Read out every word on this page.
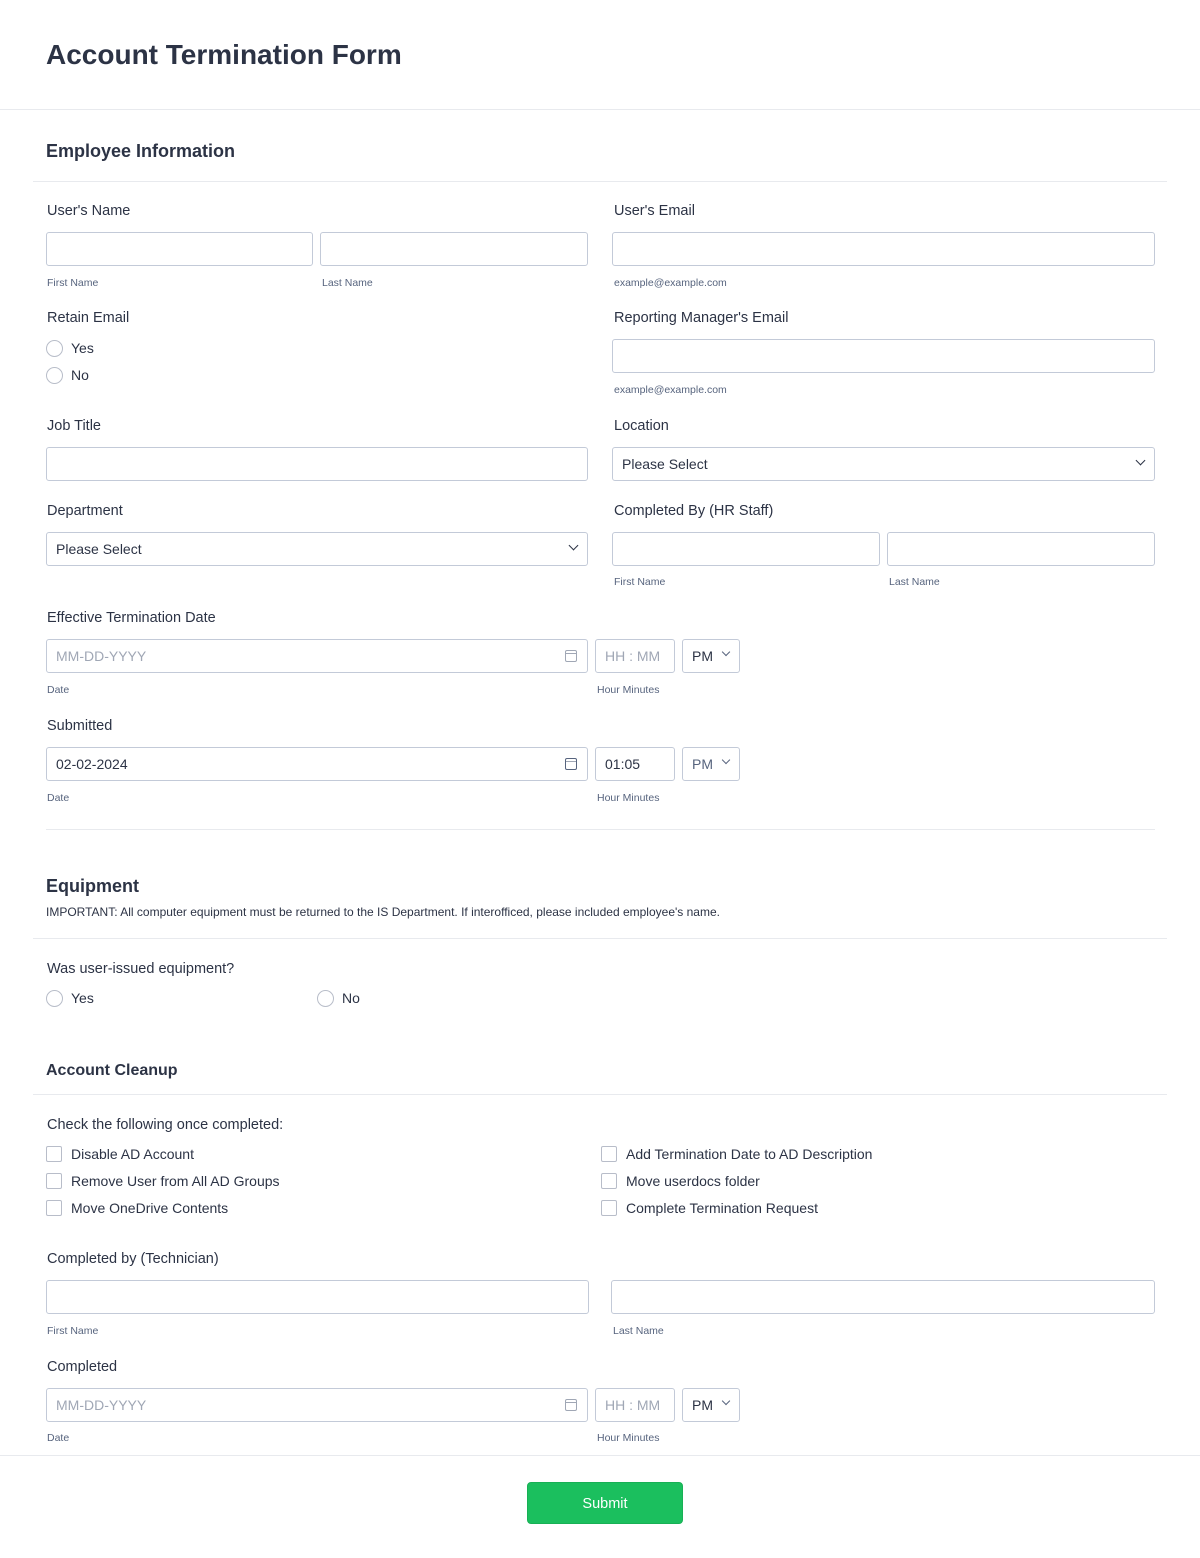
Account Termination Form
Employee Information
User's Name
First Name	Last Name
User's Email
example@example.com
Retain Email
Yes
No
Reporting Manager's Email
example@example.com
Job Title	Location
Please Select
Department
Please Select
Completed By (HR Staff)
First Name	Last Name
Effective Termination Date
MM-DD-YYYY	HH : MM	PM
Date	Hour Minutes
Submitted
02-02-2024	01:05	PM
Date	Hour Minutes
Equipment
IMPORTANT: All computer equipment must be returned to the IS Department. If interofficed, please included employee's name.
Was user-issued equipment?
Yes	No
Account Cleanup
Check the following once completed:
Disable AD Account
Remove User from All AD Groups
Move OneDrive Contents
Add Termination Date to AD Description
Move userdocs folder
Complete Termination Request
Completed by (Technician)
First Name	Last Name
Completed
MM-DD-YYYY	HH : MM	PM
Date	Hour Minutes
Submit
